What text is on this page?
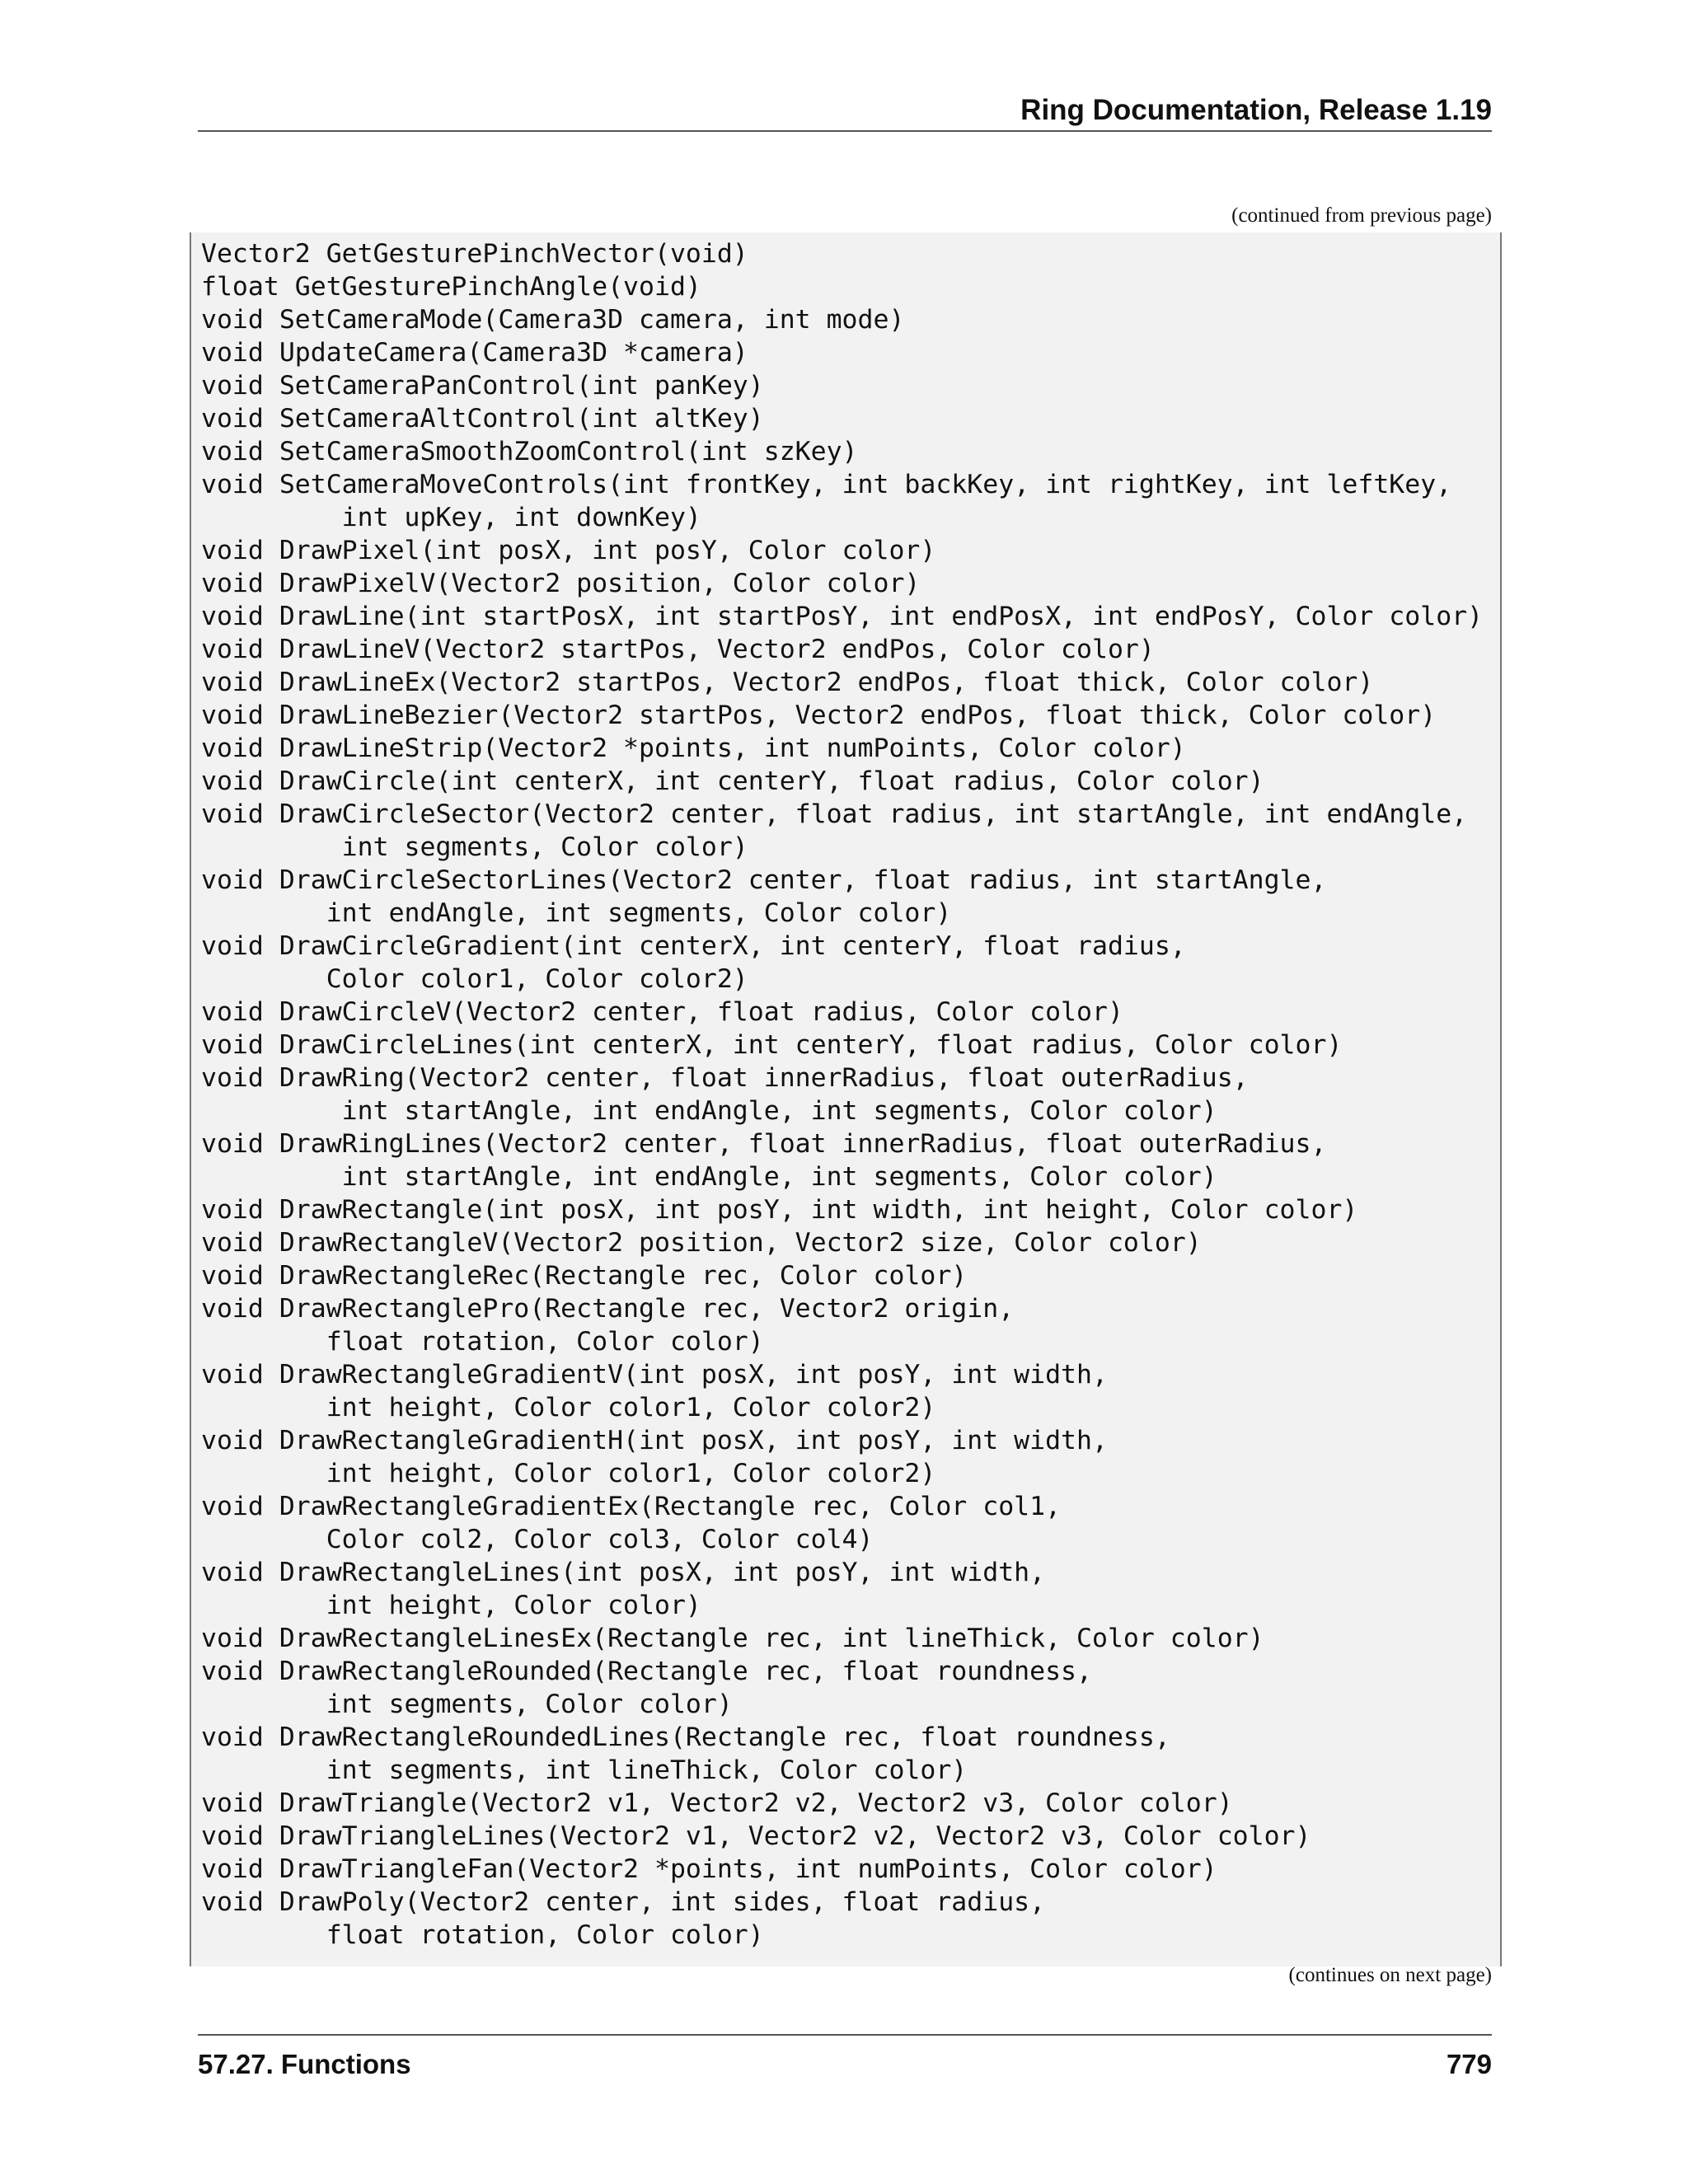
Ring Documentation, Release 1.19
(continued from previous page)
Vector2 GetGesturePinchVector(void)
float GetGesturePinchAngle(void)
void SetCameraMode(Camera3D camera, int mode)
void UpdateCamera(Camera3D *camera)
void SetCameraPanControl(int panKey)
void SetCameraAltControl(int altKey)
void SetCameraSmoothZoomControl(int szKey)
void SetCameraMoveControls(int frontKey, int backKey, int rightKey, int leftKey,
int upKey, int downKey)
void DrawPixel(int posX, int posY, Color color)
void DrawPixelV(Vector2 position, Color color)
void DrawLine(int startPosX, int startPosY, int endPosX, int endPosY, Color color)
void DrawLineV(Vector2 startPos, Vector2 endPos, Color color)
void DrawLineEx(Vector2 startPos, Vector2 endPos, float thick, Color color)
void DrawLineBezier(Vector2 startPos, Vector2 endPos, float thick, Color color)
void DrawLineStrip(Vector2 *points, int numPoints, Color color)
void DrawCircle(int centerX, int centerY, float radius, Color color)
void DrawCircleSector(Vector2 center, float radius, int startAngle, int endAngle,
int segments, Color color)
void DrawCircleSectorLines(Vector2 center, float radius, int startAngle,
int endAngle, int segments, Color color)
void DrawCircleGradient(int centerX, int centerY, float radius,
Color color1, Color color2)
void DrawCircleV(Vector2 center, float radius, Color color)
void DrawCircleLines(int centerX, int centerY, float radius, Color color)
void DrawRing(Vector2 center, float innerRadius, float outerRadius,
int startAngle, int endAngle, int segments, Color color)
void DrawRingLines(Vector2 center, float innerRadius, float outerRadius,
int startAngle, int endAngle, int segments, Color color)
void DrawRectangle(int posX, int posY, int width, int height, Color color)
void DrawRectangleV(Vector2 position, Vector2 size, Color color)
void DrawRectangleRec(Rectangle rec, Color color)
void DrawRectanglePro(Rectangle rec, Vector2 origin,
float rotation, Color color)
void DrawRectangleGradientV(int posX, int posY, int width,
int height, Color color1, Color color2)
void DrawRectangleGradientH(int posX, int posY, int width,
int height, Color color1, Color color2)
void DrawRectangleGradientEx(Rectangle rec, Color col1,
Color col2, Color col3, Color col4)
void DrawRectangleLines(int posX, int posY, int width,
int height, Color color)
void DrawRectangleLinesEx(Rectangle rec, int lineThick, Color color)
void DrawRectangleRounded(Rectangle rec, float roundness,
int segments, Color color)
void DrawRectangleRoundedLines(Rectangle rec, float roundness,
int segments, int lineThick, Color color)
void DrawTriangle(Vector2 v1, Vector2 v2, Vector2 v3, Color color)
void DrawTriangleLines(Vector2 v1, Vector2 v2, Vector2 v3, Color color)
void DrawTriangleFan(Vector2 *points, int numPoints, Color color)
void DrawPoly(Vector2 center, int sides, float radius,
float rotation, Color color)
(continues on next page)
57.27. Functions	779
